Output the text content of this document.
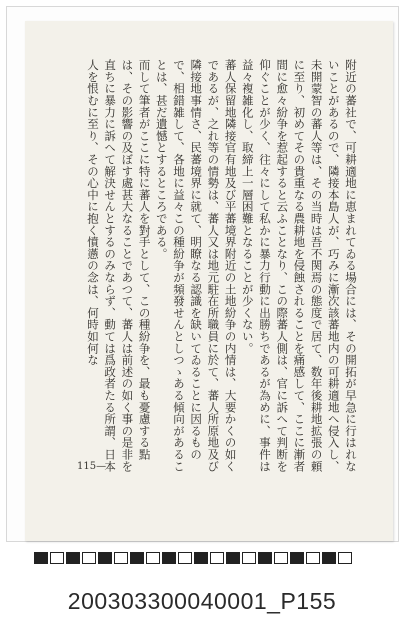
附近の蕃社で、可耕適地に恵まれてゐる場合には、その開拓が早急に行はれないことがあるので、隣接本島人が、巧みに漸次該蕃地内の可耕適地へ侵入し、未開蒙智の蕃人等は、その当時は吾不関焉の態度で居て、数年後耕地拡張の頼に至り、初めてその貴重なる農耕地を侵蝕されることを痛感して、ここに漸者間に愈々紛争を惹起すると云ふことなり、この際蕃人側は、官に訴へて判断を仰ぐことが少く、往々にして私かに暴力行動に出勝ちであるが為めに、事件は益々複雑化し、取締上一層困難となることが少くない。

蕃人保留地隣接官有地及び平蕃境界附近の土地紛争の内情は、大要かくの如くであるが、之れ等の情勢は、蕃人又は地元駐在所職員に於て、蕃人所原地及び隣接地事情さ、民蕃境界に就て、明瞭なる認識を缺いてゐることに因るもので、相錯雑して、各地に益々この種紛争が頻發せんとしつゝある傾向があることは、甚だ遺憾とするところである。

而して筆者がここに特に蕃人を對手として、この種紛争を、最も憂慮する點は、その影響の及ぼす處甚大なることであつて、蕃人は前述の如く事の是非を直ちに暴力に訴へて解決せんとするのみならず、動ては爲政者たる所謂、日本人を恨むに至り、その心中に抱く憤懣の念は、何時如何な

115—
200303300040001_P155
